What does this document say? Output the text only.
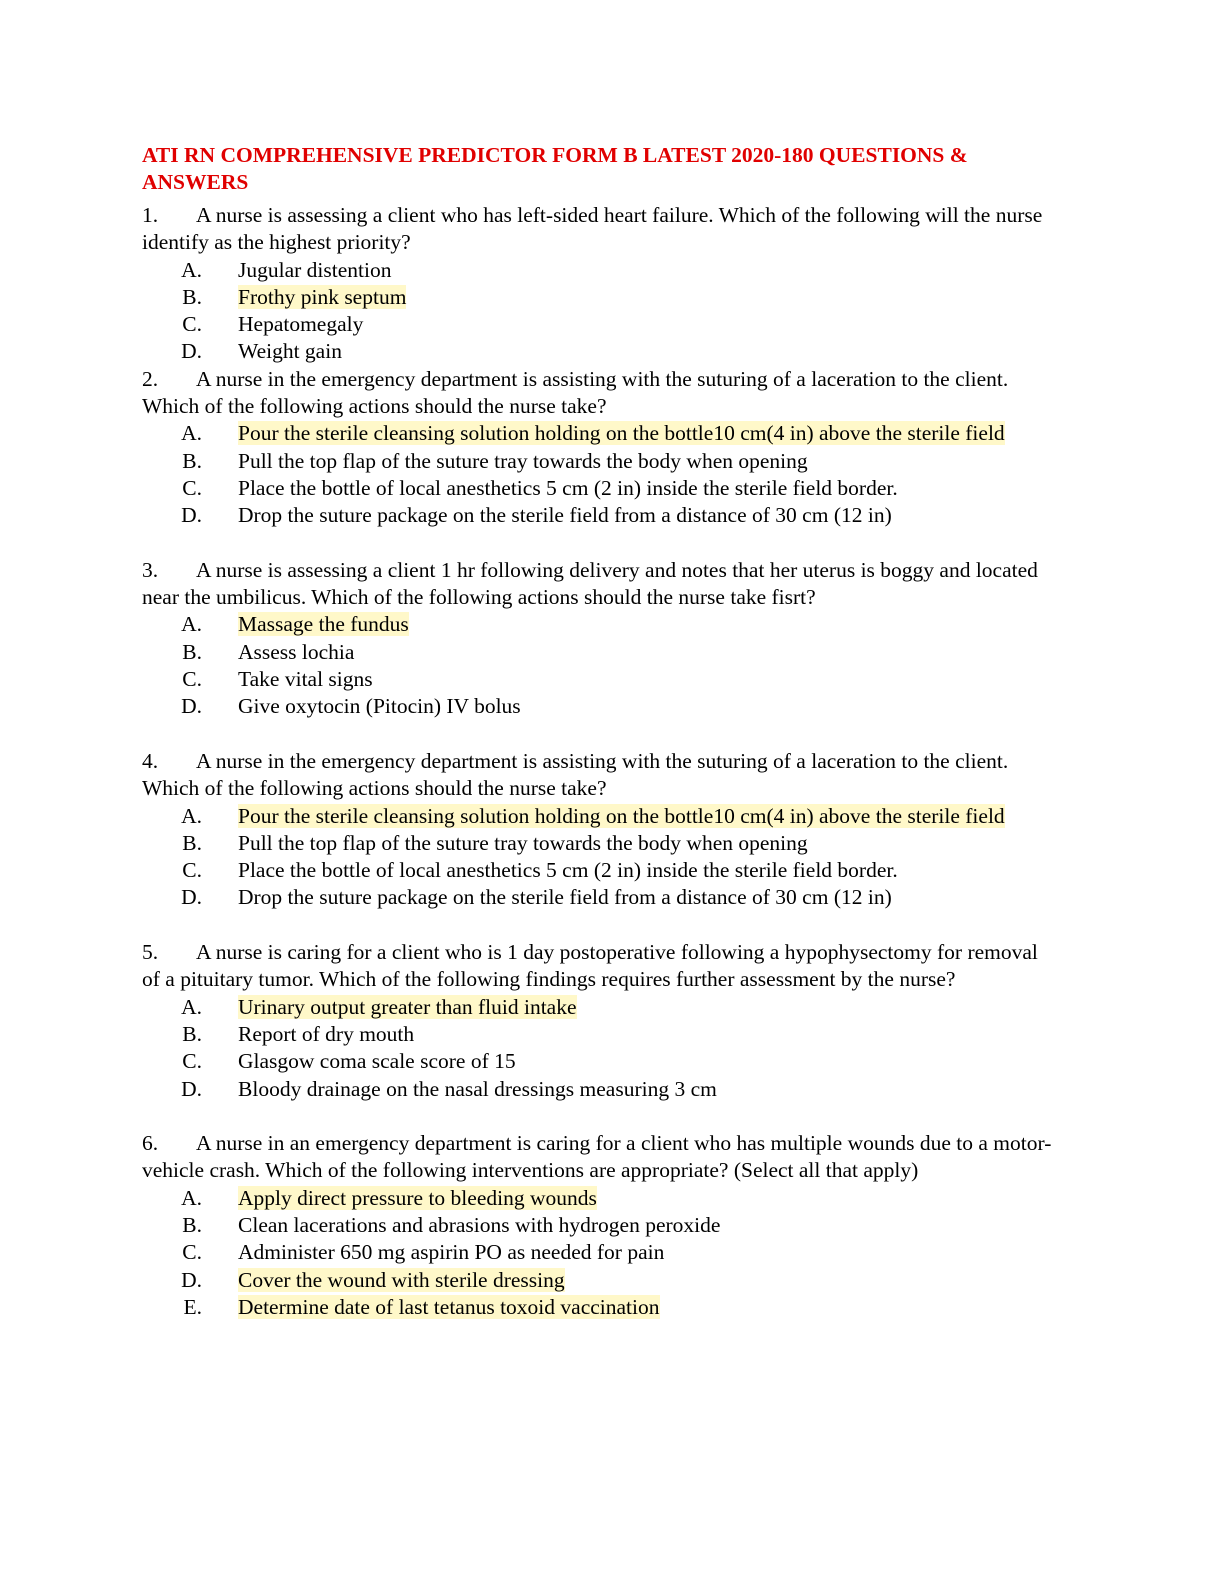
ATI RN COMPREHENSIVE PREDICTOR FORM B LATEST 2020-180 QUESTIONS & ANSWERS

1. A nurse is assessing a client who has left-sided heart failure. Which of the following will the nurse identify as the highest priority?

A.	Jugular distention
B.	Frothy pink septum
C.	Hepatomegaly
D.	Weight gain

2. A nurse in the emergency department is assisting with the suturing of a laceration to the client. Which of the following actions should the nurse take?

A.	Pour the sterile cleansing solution holding on the bottle10 cm(4 in) above the sterile field
B.	Pull the top flap of the suture tray towards the body when opening
C.	Place the bottle of local anesthetics 5 cm (2 in) inside the sterile field border.
D.	Drop the suture package on the sterile field from a distance of 30 cm (12 in)

3. A nurse is assessing a client 1 hr following delivery and notes that her uterus is boggy and located near the umbilicus. Which of the following actions should the nurse take fisrt?

A.	Massage the fundus
B.	Assess lochia
C.	Take vital signs
D.	Give oxytocin (Pitocin) IV bolus

4. A nurse in the emergency department is assisting with the suturing of a laceration to the client. Which of the following actions should the nurse take?

A.	Pour the sterile cleansing solution holding on the bottle10 cm(4 in) above the sterile field
B.	Pull the top flap of the suture tray towards the body when opening
C.	Place the bottle of local anesthetics 5 cm (2 in) inside the sterile field border.
D.	Drop the suture package on the sterile field from a distance of 30 cm (12 in)

5. A nurse is caring for a client who is 1 day postoperative following a hypophysectomy for removal of a pituitary tumor. Which of the following findings requires further assessment by the nurse?

A.	Urinary output greater than fluid intake
B.	Report of dry mouth
C.	Glasgow coma scale score of 15
D.	Bloody drainage on the nasal dressings measuring 3 cm

6. A nurse in an emergency department is caring for a client who has multiple wounds due to a motor-vehicle crash. Which of the following interventions are appropriate? (Select all that apply)

A.	Apply direct pressure to bleeding wounds
B.	Clean lacerations and abrasions with hydrogen peroxide
C.	Administer 650 mg aspirin PO as needed for pain
D.	Cover the wound with sterile dressing
E.	Determine date of last tetanus toxoid vaccination
